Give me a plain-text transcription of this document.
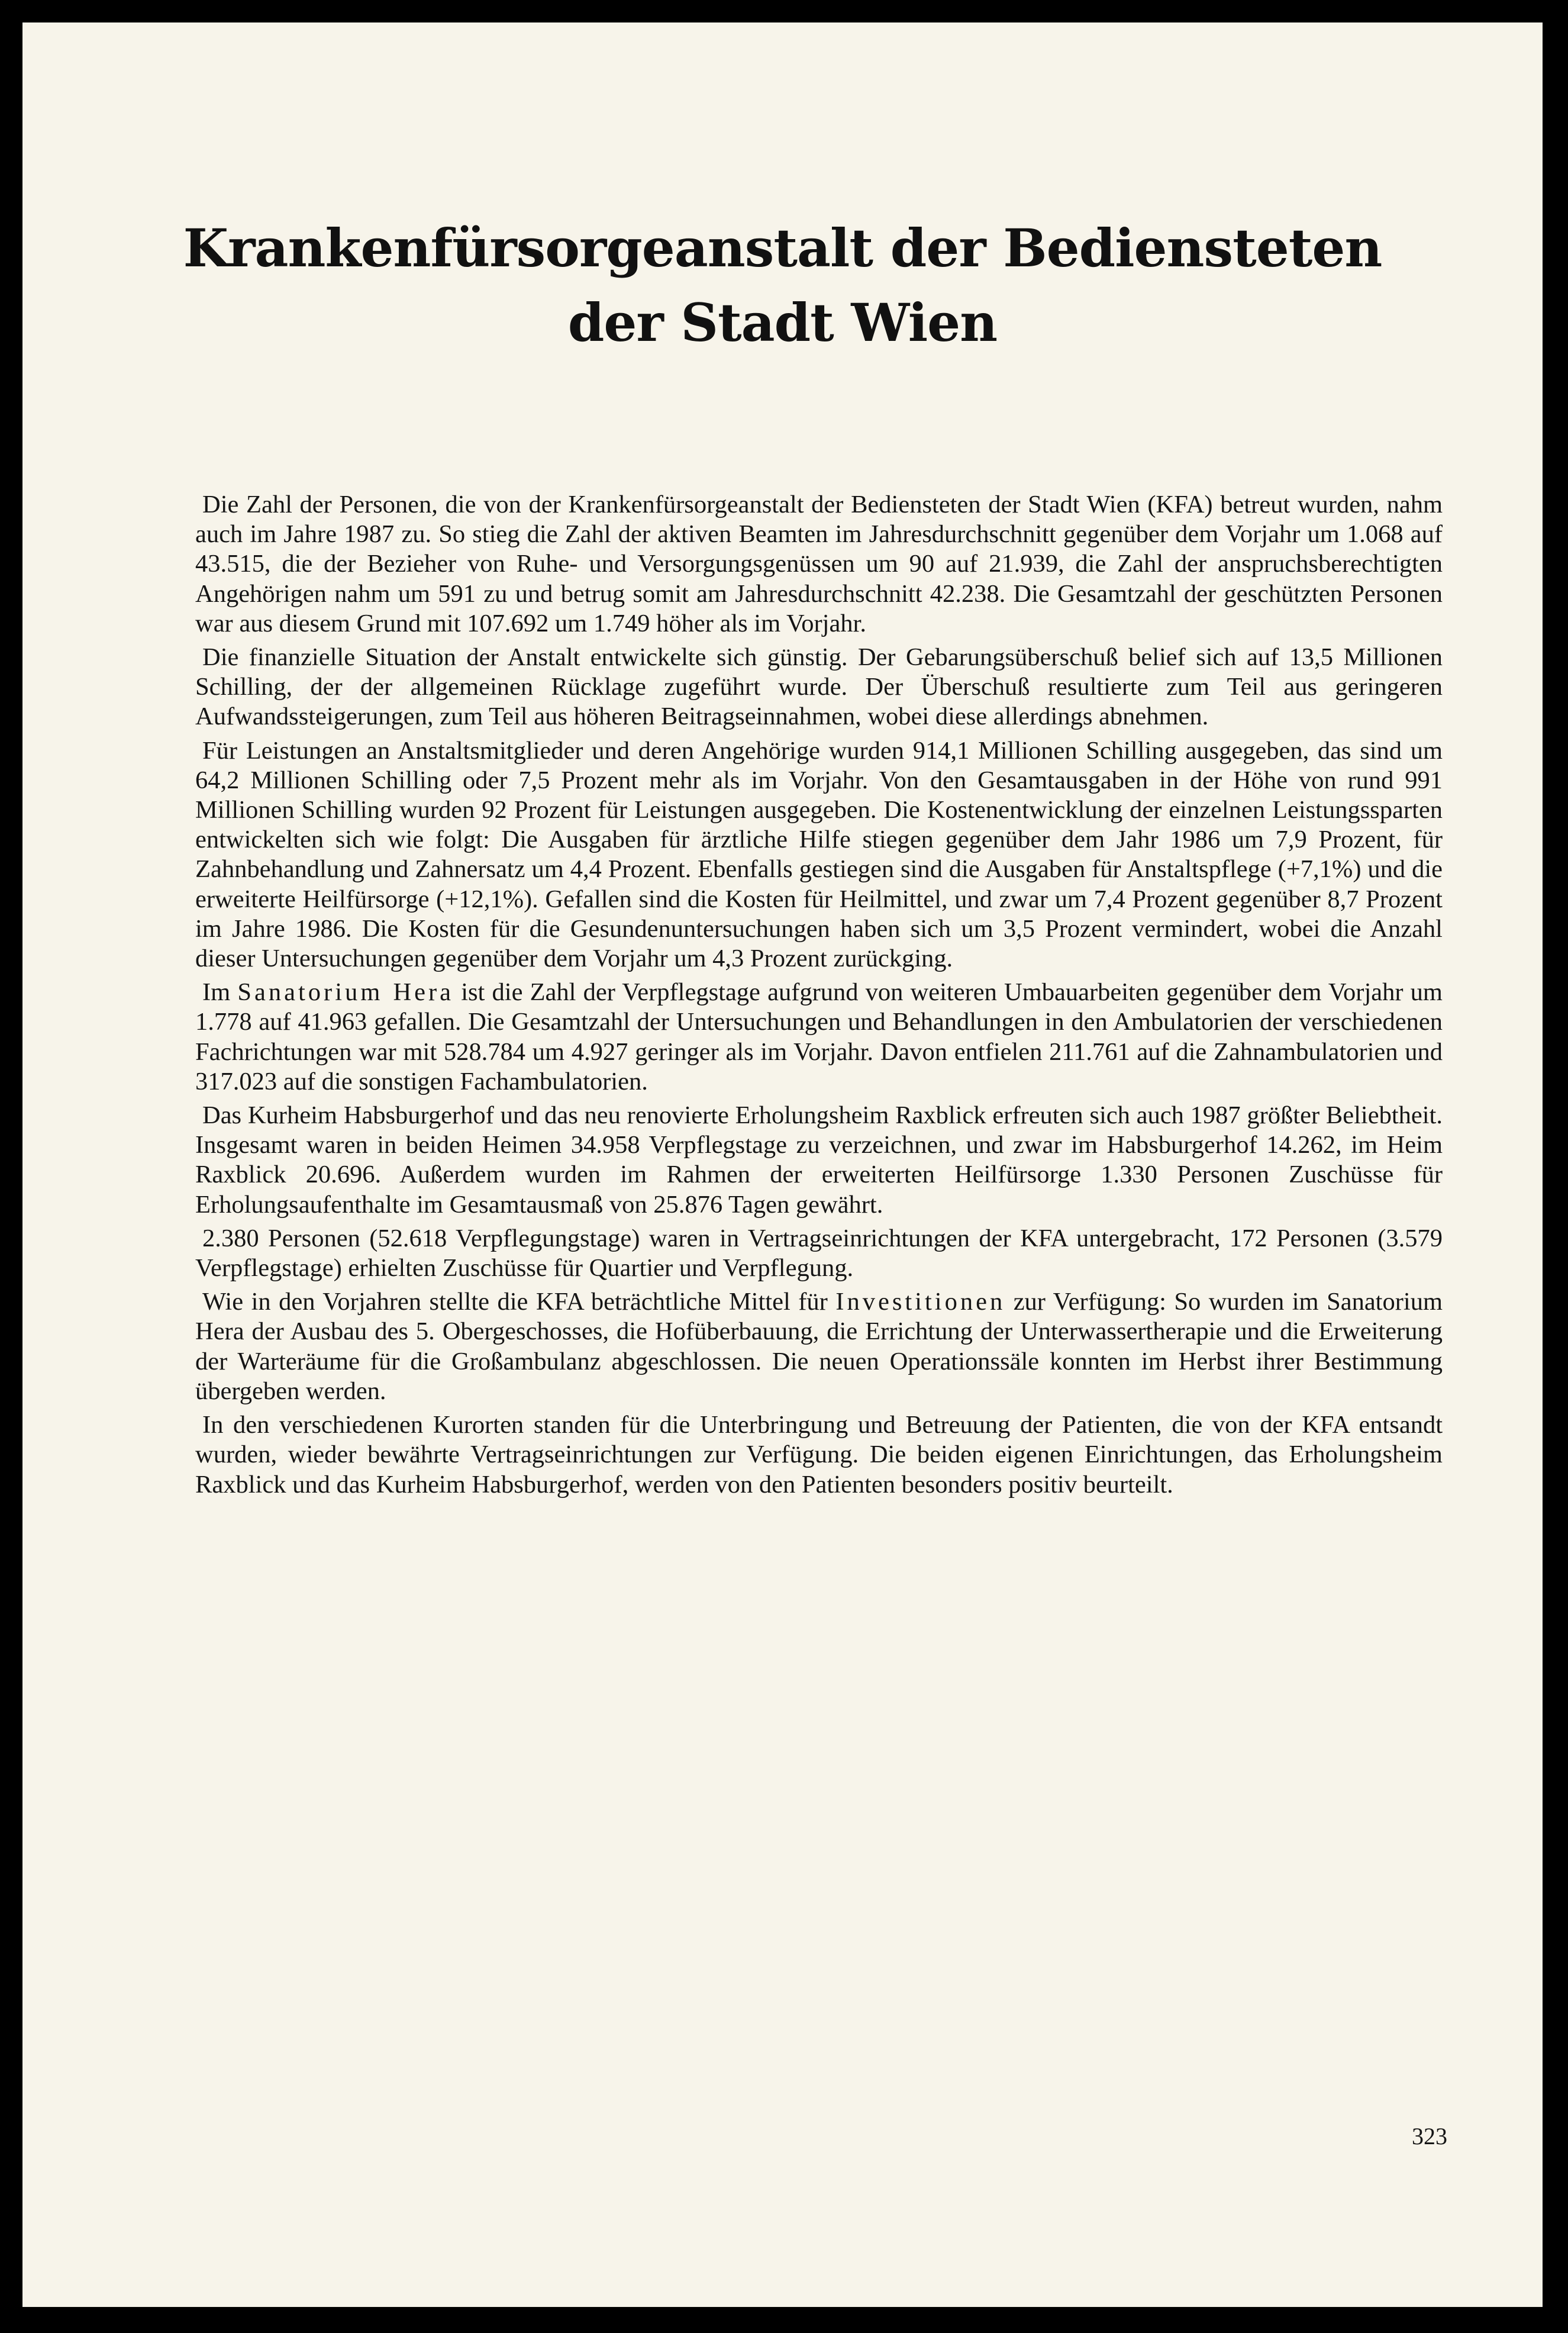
Krankenfürsorgeanstalt der Bediensteten
der Stadt Wien

Die Zahl der Personen, die von der Krankenfürsorgeanstalt der Bediensteten der Stadt Wien (KFA) betreut wurden, nahm auch im Jahre 1987 zu. So stieg die Zahl der aktiven Beamten im Jahresdurchschnitt gegenüber dem Vorjahr um 1.068 auf 43.515, die der Bezieher von Ruhe- und Versorgungsgenüssen um 90 auf 21.939, die Zahl der anspruchsberechtigten Angehörigen nahm um 591 zu und betrug somit am Jahresdurchschnitt 42.238. Die Gesamtzahl der geschützten Personen war aus diesem Grund mit 107.692 um 1.749 höher als im Vorjahr.

Die finanzielle Situation der Anstalt entwickelte sich günstig. Der Gebarungsüberschuß belief sich auf 13,5 Millionen Schilling, der der allgemeinen Rücklage zugeführt wurde. Der Überschuß resultierte zum Teil aus geringeren Aufwandssteigerungen, zum Teil aus höheren Beitragseinnahmen, wobei diese allerdings abnehmen.

Für Leistungen an Anstaltsmitglieder und deren Angehörige wurden 914,1 Millionen Schilling ausgegeben, das sind um 64,2 Millionen Schilling oder 7,5 Prozent mehr als im Vorjahr. Von den Gesamtausgaben in der Höhe von rund 991 Millionen Schilling wurden 92 Prozent für Leistungen ausgegeben. Die Kostenentwicklung der einzelnen Leistungssparten entwickelten sich wie folgt: Die Ausgaben für ärztliche Hilfe stiegen gegenüber dem Jahr 1986 um 7,9 Prozent, für Zahnbehandlung und Zahnersatz um 4,4 Prozent. Ebenfalls gestiegen sind die Ausgaben für Anstaltspflege (+7,1%) und die erweiterte Heilfürsorge (+12,1%). Gefallen sind die Kosten für Heilmittel, und zwar um 7,4 Prozent gegenüber 8,7 Prozent im Jahre 1986. Die Kosten für die Gesundenuntersuchungen haben sich um 3,5 Prozent vermindert, wobei die Anzahl dieser Untersuchungen gegenüber dem Vorjahr um 4,3 Prozent zurückging.

Im Sanatorium Hera ist die Zahl der Verpflegstage aufgrund von weiteren Umbauarbeiten gegenüber dem Vorjahr um 1.778 auf 41.963 gefallen. Die Gesamtzahl der Untersuchungen und Behandlungen in den Ambulatorien der verschiedenen Fachrichtungen war mit 528.784 um 4.927 geringer als im Vorjahr. Davon entfielen 211.761 auf die Zahnambulatorien und 317.023 auf die sonstigen Fachambulatorien.

Das Kurheim Habsburgerhof und das neu renovierte Erholungsheim Raxblick erfreuten sich auch 1987 größter Beliebtheit. Insgesamt waren in beiden Heimen 34.958 Verpflegstage zu verzeichnen, und zwar im Habsburgerhof 14.262, im Heim Raxblick 20.696. Außerdem wurden im Rahmen der erweiterten Heilfürsorge 1.330 Personen Zuschüsse für Erholungsaufenthalte im Gesamtausmaß von 25.876 Tagen gewährt.

2.380 Personen (52.618 Verpflegungstage) waren in Vertragseinrichtungen der KFA untergebracht, 172 Personen (3.579 Verpflegstage) erhielten Zuschüsse für Quartier und Verpflegung.

Wie in den Vorjahren stellte die KFA beträchtliche Mittel für Investitionen zur Verfügung: So wurden im Sanatorium Hera der Ausbau des 5. Obergeschosses, die Hofüberbauung, die Errichtung der Unterwassertherapie und die Erweiterung der Warteräume für die Großambulanz abgeschlossen. Die neuen Operationssäle konnten im Herbst ihrer Bestimmung übergeben werden.

In den verschiedenen Kurorten standen für die Unterbringung und Betreuung der Patienten, die von der KFA entsandt wurden, wieder bewährte Vertragseinrichtungen zur Verfügung. Die beiden eigenen Einrichtungen, das Erholungsheim Raxblick und das Kurheim Habsburgerhof, werden von den Patienten besonders positiv beurteilt.

323
